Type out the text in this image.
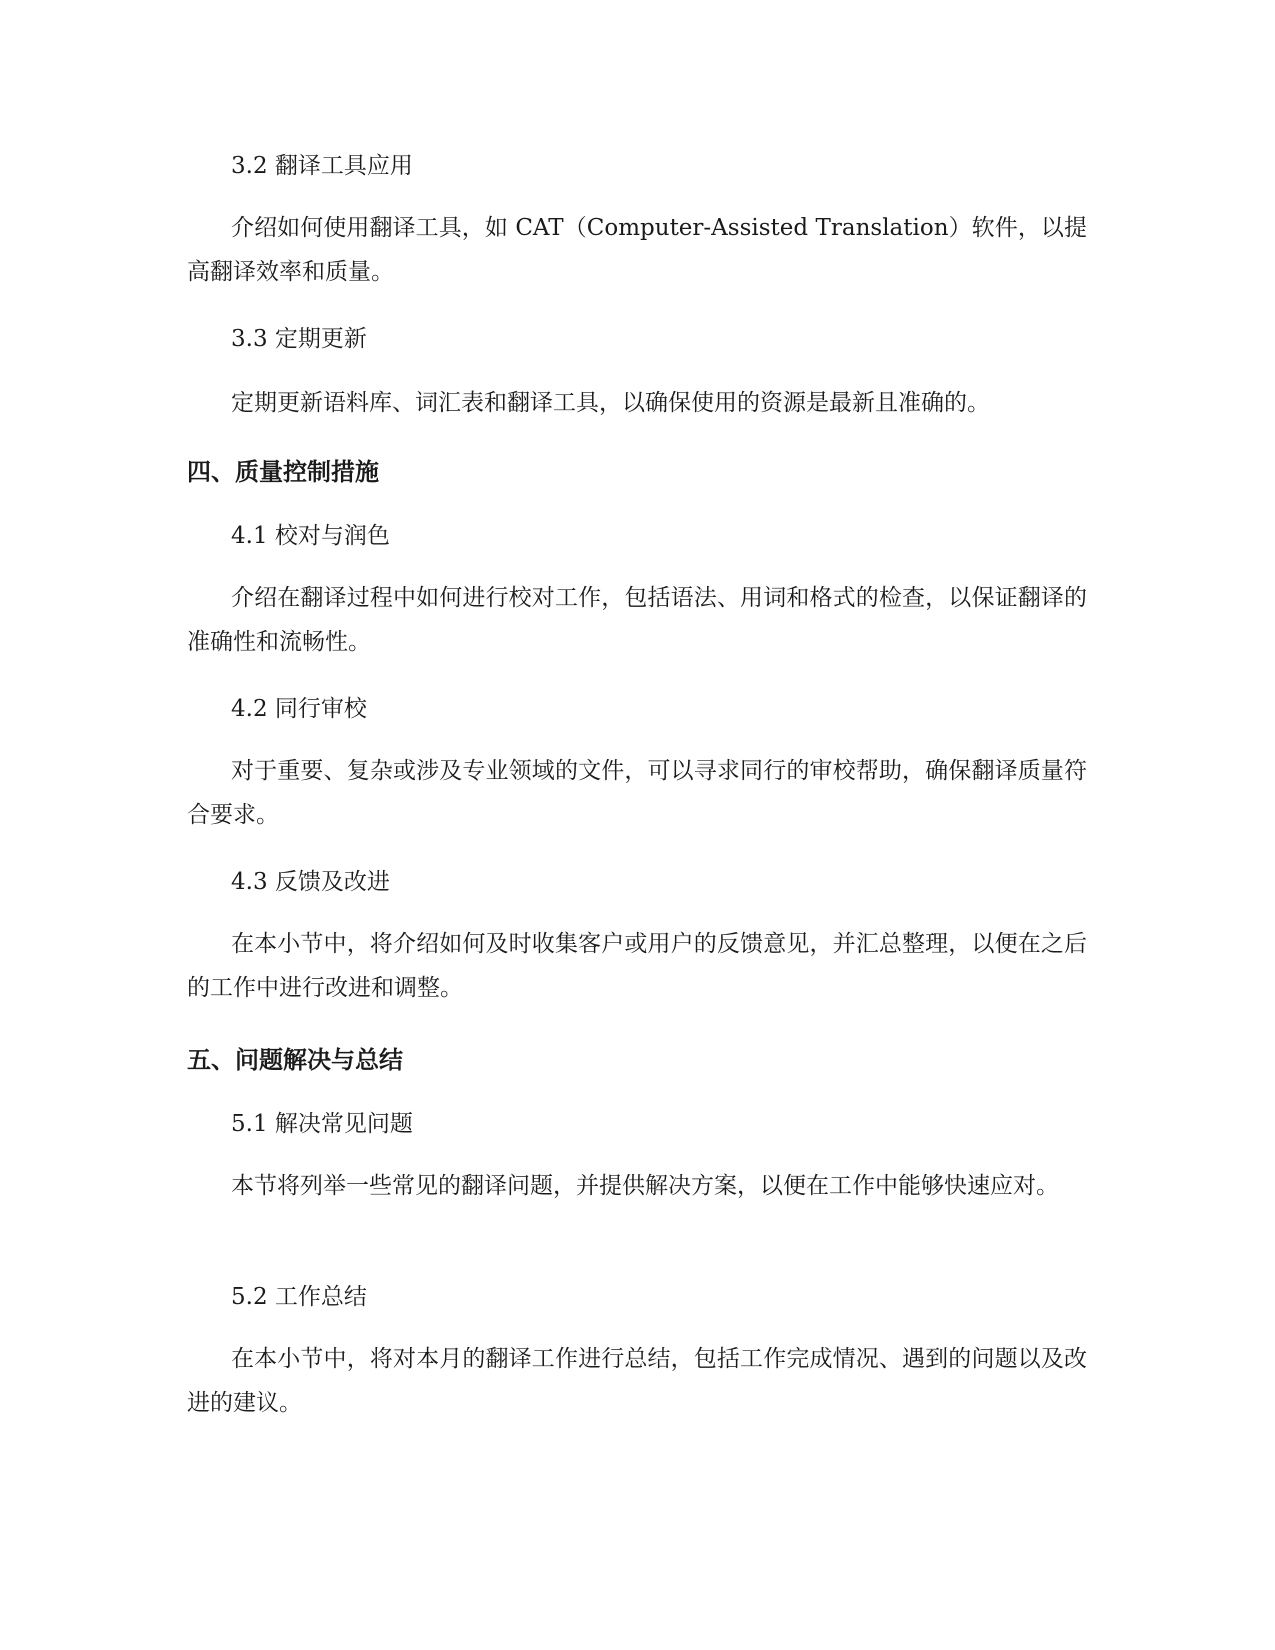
3.2 翻译工具应用

介绍如何使用翻译工具，如 CAT（Computer-Assisted Translation）软件，以提高翻译效率和质量。

3.3 定期更新

定期更新语料库、词汇表和翻译工具，以确保使用的资源是最新且准确的。

四、质量控制措施

4.1 校对与润色

介绍在翻译过程中如何进行校对工作，包括语法、用词和格式的检查，以保证翻译的准确性和流畅性。

4.2 同行审校

对于重要、复杂或涉及专业领域的文件，可以寻求同行的审校帮助，确保翻译质量符合要求。

4.3 反馈及改进

在本小节中，将介绍如何及时收集客户或用户的反馈意见，并汇总整理，以便在之后的工作中进行改进和调整。

五、问题解决与总结

5.1 解决常见问题

本节将列举一些常见的翻译问题，并提供解决方案，以便在工作中能够快速应对。

5.2 工作总结

在本小节中，将对本月的翻译工作进行总结，包括工作完成情况、遇到的问题以及改进的建议。
